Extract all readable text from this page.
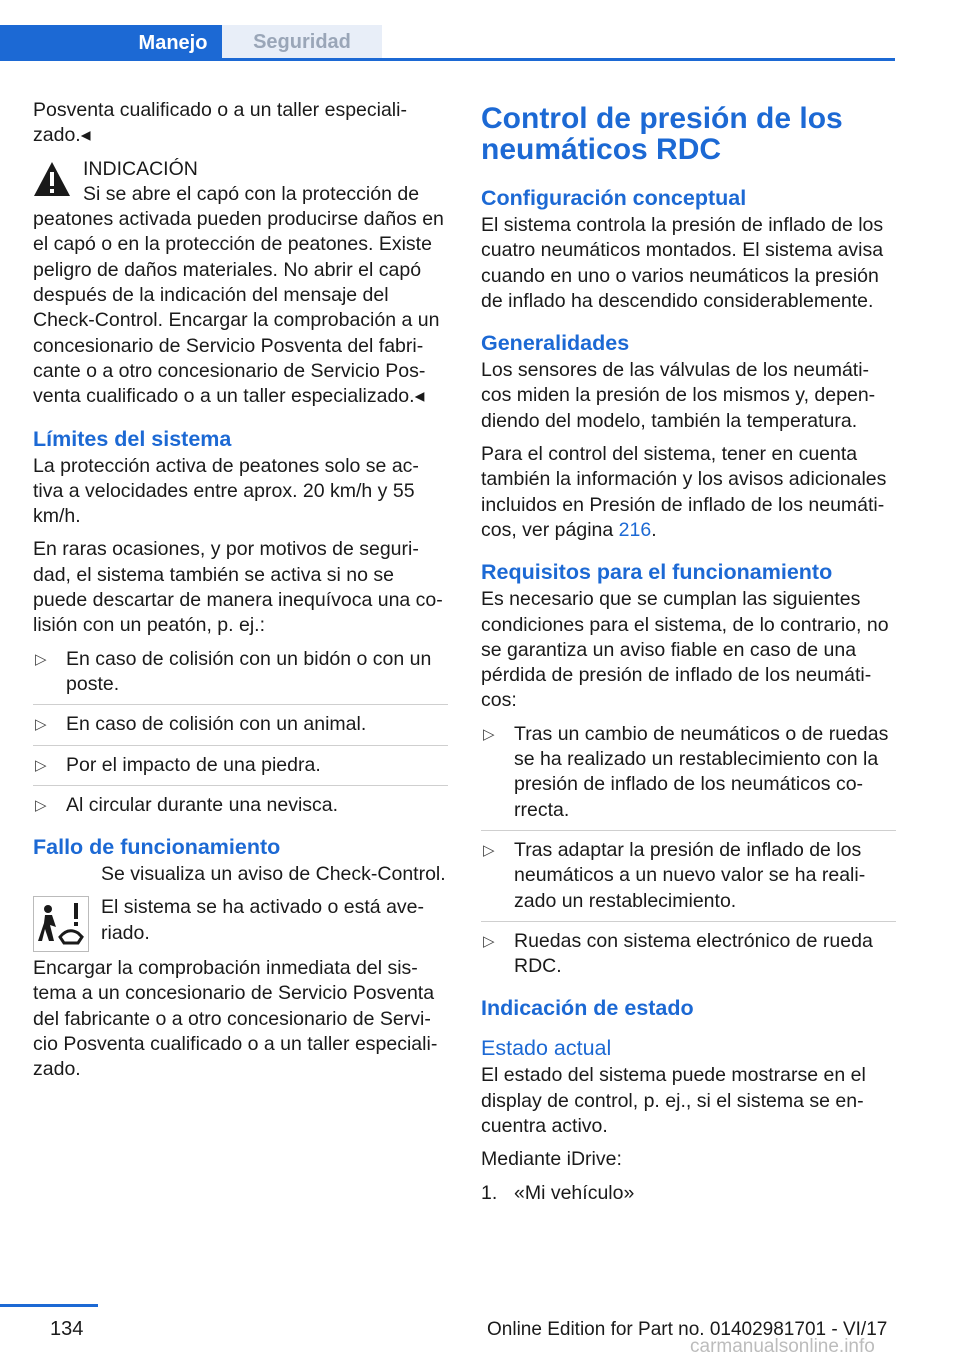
Manejo	Seguridad

Posventa cualificado o a un taller especiali‐zado.◂

INDICACIÓN

Si se abre el capó con la protección de peatones activada pueden producirse daños en el capó o en la protección de peatones. Existe peligro de daños materiales. No abrir el capó después de la indicación del mensaje del Check-Control. Encargar la comprobación a un concesionario de Servicio Posventa del fabri‐cante o a otro concesionario de Servicio Pos‐venta cualificado o a un taller especializado.◂

Límites del sistema

La protección activa de peatones solo se ac‐tiva a velocidades entre aprox. 20 km/h y 55 km/h.

En raras ocasiones, y por motivos de seguri‐dad, el sistema también se activa si no se puede descartar de manera inequívoca una co‐lisión con un peatón, p. ej.:

▷ En caso de colisión con un bidón o con un poste.
▷ En caso de colisión con un animal.
▷ Por el impacto de una piedra.
▷ Al circular durante una nevisca.
Fallo de funcionamiento

Se visualiza un aviso de Check-Control.

El sistema se ha activado o está ave‐riado.

Encargar la comprobación inmediata del sis‐tema a un concesionario de Servicio Posventa del fabricante o a otro concesionario de Servi‐cio Posventa cualificado o a un taller especiali‐zado.

Control de presión de los neumáticos RDC
Configuración conceptual

El sistema controla la presión de inflado de los cuatro neumáticos montados. El sistema avisa cuando en uno o varios neumáticos la presión de inflado ha descendido considerablemente.

Generalidades

Los sensores de las válvulas de los neumáti‐cos miden la presión de los mismos y, depen‐diendo del modelo, también la temperatura.

Para el control del sistema, tener en cuenta también la información y los avisos adicionales incluidos en Presión de inflado de los neumáti‐cos, ver página 216.

Requisitos para el funcionamiento

Es necesario que se cumplan las siguientes condiciones para el sistema, de lo contrario, no se garantiza un aviso fiable en caso de una pérdida de presión de inflado de los neumáti‐cos:

▷ Tras un cambio de neumáticos o de ruedas se ha realizado un restablecimiento con la presión de inflado de los neumáticos co‐rrecta.
▷ Tras adaptar la presión de inflado de los neumáticos a un nuevo valor se ha reali‐zado un restablecimiento.
▷ Ruedas con sistema electrónico de rueda RDC.
Indicación de estado
Estado actual

El estado del sistema puede mostrarse en el display de control, p. ej., si el sistema se en‐cuentra activo.

Mediante iDrive:

1. «Mi vehículo»
134	Online Edition for Part no. 01402981701 - VI/17
carmanualsonline.info
